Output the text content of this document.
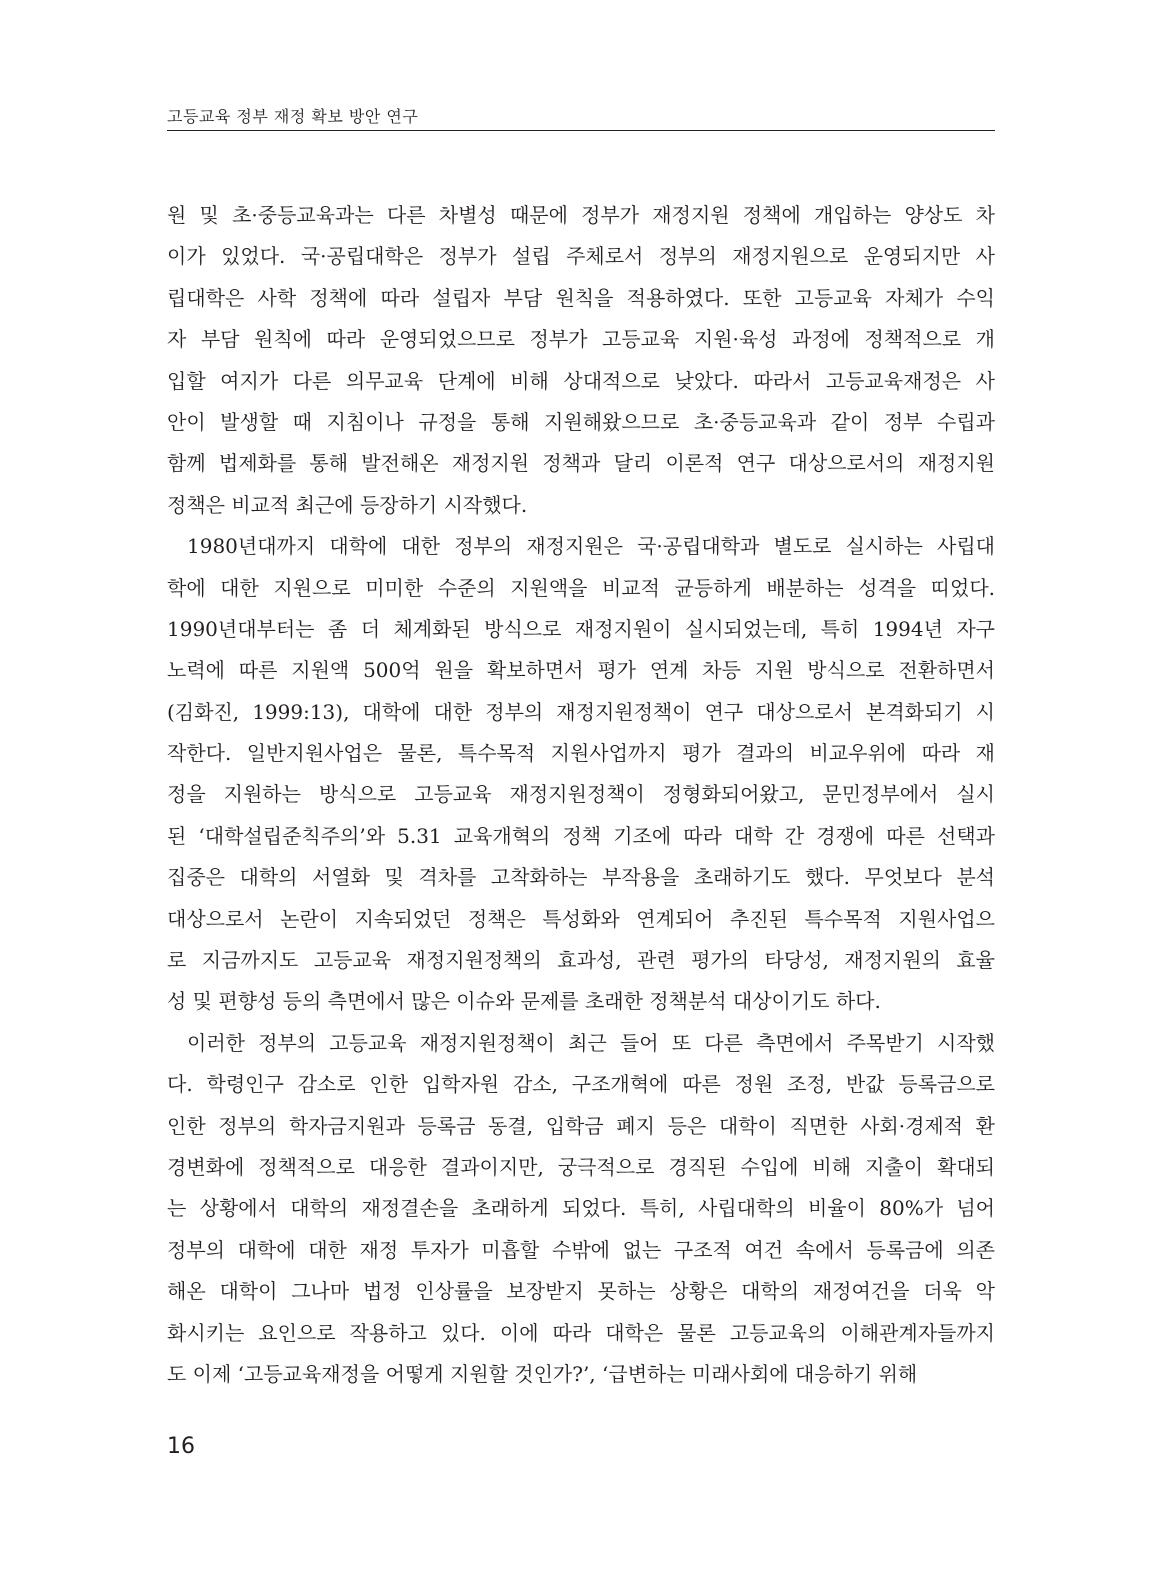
고등교육 정부 재정 확보 방안 연구
원 및 초·중등교육과는 다른 차별성 때문에 정부가 재정지원 정책에 개입하는 양상도 차
이가 있었다. 국·공립대학은 정부가 설립 주체로서 정부의 재정지원으로 운영되지만 사
립대학은 사학 정책에 따라 설립자 부담 원칙을 적용하였다. 또한 고등교육 자체가 수익
자 부담 원칙에 따라 운영되었으므로 정부가 고등교육 지원·육성 과정에 정책적으로 개
입할 여지가 다른 의무교육 단계에 비해 상대적으로 낮았다. 따라서 고등교육재정은 사
안이 발생할 때 지침이나 규정을 통해 지원해왔으므로 초·중등교육과 같이 정부 수립과
함께 법제화를 통해 발전해온 재정지원 정책과 달리 이론적 연구 대상으로서의 재정지원
정책은 비교적 최근에 등장하기 시작했다.
1980년대까지 대학에 대한 정부의 재정지원은 국·공립대학과 별도로 실시하는 사립대
학에 대한 지원으로 미미한 수준의 지원액을 비교적 균등하게 배분하는 성격을 띠었다.
1990년대부터는 좀 더 체계화된 방식으로 재정지원이 실시되었는데, 특히 1994년 자구
노력에 따른 지원액 500억 원을 확보하면서 평가 연계 차등 지원 방식으로 전환하면서
(김화진, 1999:13), 대학에 대한 정부의 재정지원정책이 연구 대상으로서 본격화되기 시
작한다. 일반지원사업은 물론, 특수목적 지원사업까지 평가 결과의 비교우위에 따라 재
정을 지원하는 방식으로 고등교육 재정지원정책이 정형화되어왔고, 문민정부에서 실시
된 ‘대학설립준칙주의’와 5.31 교육개혁의 정책 기조에 따라 대학 간 경쟁에 따른 선택과
집중은 대학의 서열화 및 격차를 고착화하는 부작용을 초래하기도 했다. 무엇보다 분석
대상으로서 논란이 지속되었던 정책은 특성화와 연계되어 추진된 특수목적 지원사업으
로 지금까지도 고등교육 재정지원정책의 효과성, 관련 평가의 타당성, 재정지원의 효율
성 및 편향성 등의 측면에서 많은 이슈와 문제를 초래한 정책분석 대상이기도 하다.
이러한 정부의 고등교육 재정지원정책이 최근 들어 또 다른 측면에서 주목받기 시작했
다. 학령인구 감소로 인한 입학자원 감소, 구조개혁에 따른 정원 조정, 반값 등록금으로
인한 정부의 학자금지원과 등록금 동결, 입학금 폐지 등은 대학이 직면한 사회·경제적 환
경변화에 정책적으로 대응한 결과이지만, 궁극적으로 경직된 수입에 비해 지출이 확대되
는 상황에서 대학의 재정결손을 초래하게 되었다. 특히, 사립대학의 비율이 80%가 넘어
정부의 대학에 대한 재정 투자가 미흡할 수밖에 없는 구조적 여건 속에서 등록금에 의존
해온 대학이 그나마 법정 인상률을 보장받지 못하는 상황은 대학의 재정여건을 더욱 악
화시키는 요인으로 작용하고 있다. 이에 따라 대학은 물론 고등교육의 이해관계자들까지
도 이제 ‘고등교육재정을 어떻게 지원할 것인가?’, ‘급변하는 미래사회에 대응하기 위해
16
